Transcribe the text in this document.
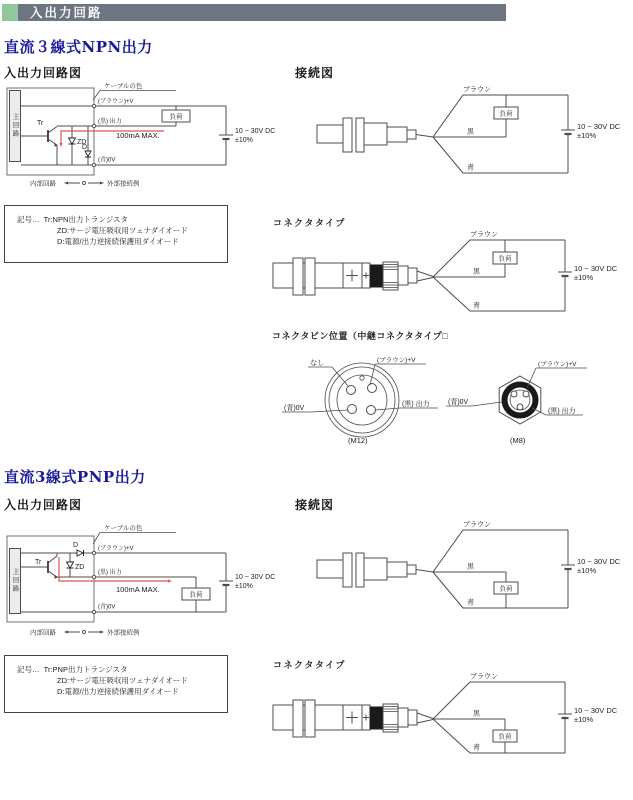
入出力回路
直流３線式NPN出力
入出力回路図	接続図
主回路
ケーブルの色
(ブラウン)+V
(黒) 出力
(青)0V
負荷
10 ~ 30V DC
±10%
Tr
ZD
D
100mA MAX.
内部回路	外部接続例
記号… Tr:NPN出力トランジスタ
ZD:サージ電圧吸収用ツェナダイオード
D:電源/出力逆接続保護用ダイオード
ブラウン
黒
青
負荷
10 ~ 30V DC
±10%
コネクタタイプ
ブラウン
黒
青
負荷
10 ~ 30V DC
±10%
コネクタピン位置（中継コネクタタイプ□
なし	(ブラウン)+V
(青)0V
(黒) 出力
(M12)
(ブラウン)+V
(青)0V
(黒) 出力
(M8)
直流3線式PNP出力
入出力回路図	接続図
主回路
ケーブルの色
(ブラウン)+V
(黒) 出力
(青)0V
D
Tr
ZD
負荷
10 ~ 30V DC
±10%
100mA MAX.
内部回路	外部接続例
記号… Tr:PNP出力トランジスタ
ZD:サージ電圧吸収用ツェナダイオード
D:電源/出力逆接続保護用ダイオード
ブラウン
黒
青
負荷
10 ~ 30V DC
±10%
コネクタタイプ
ブラウン
黒
青
負荷
10 ~ 30V DC
±10%
